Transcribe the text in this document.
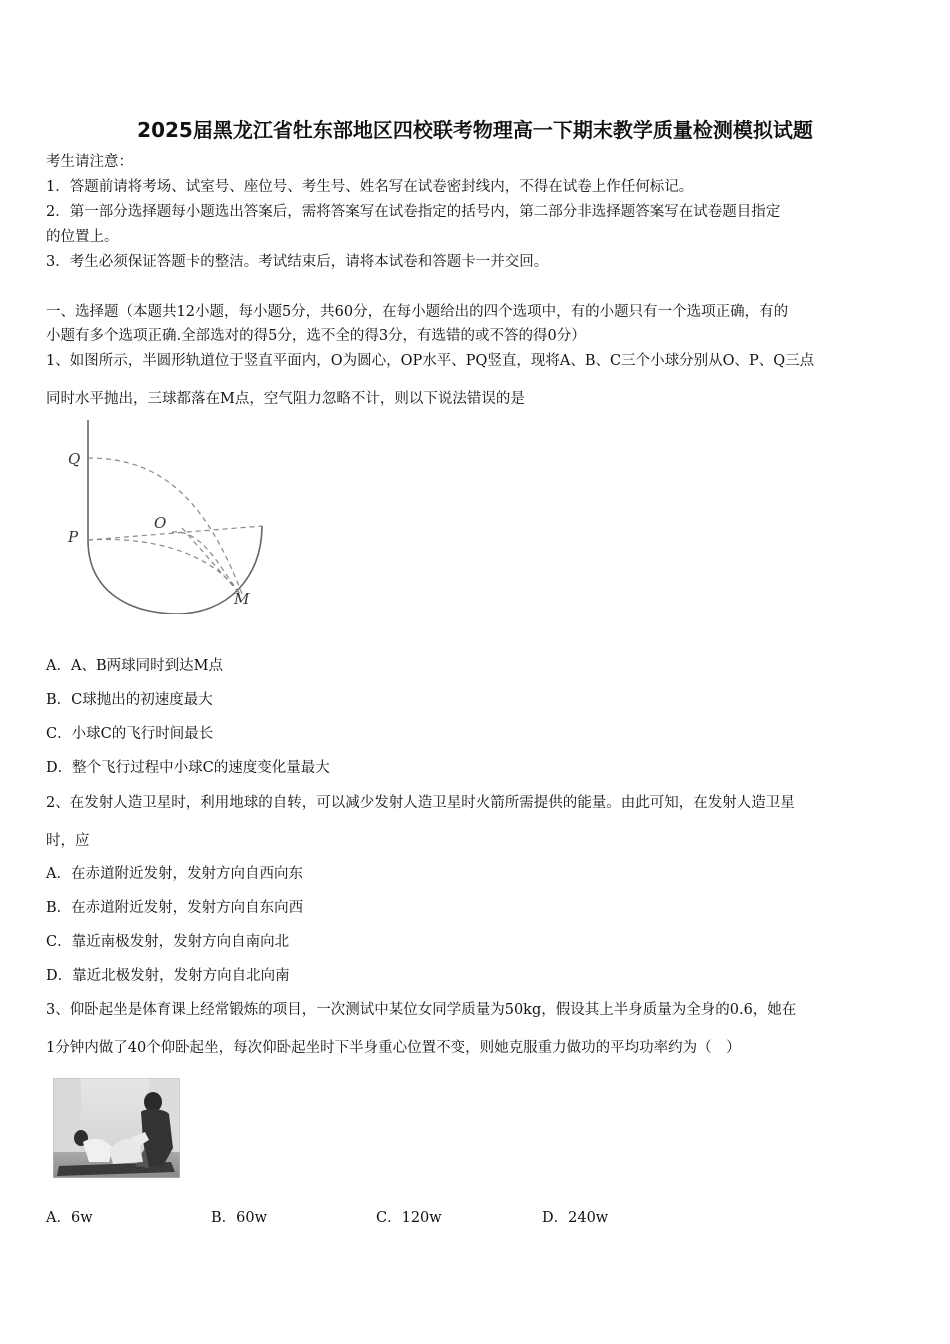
2025届黑龙江省牡东部地区四校联考物理高一下期末教学质量检测模拟试题
考生请注意：
1．答题前请将考场、试室号、座位号、考生号、姓名写在试卷密封线内，不得在试卷上作任何标记。
2．第一部分选择题每小题选出答案后，需将答案写在试卷指定的括号内，第二部分非选择题答案写在试卷题目指定
的位置上。
3．考生必须保证答题卡的整洁。考试结束后，请将本试卷和答题卡一并交回。
一、选择题（本题共12小题，每小题5分，共60分，在每小题给出的四个选项中，有的小题只有一个选项正确，有的
小题有多个选项正确.全部选对的得5分，选不全的得3分，有选错的或不答的得0分）
1、如图所示，半圆形轨道位于竖直平面内，O为圆心，OP水平、PQ竖直，现将A、B、C三个小球分别从O、P、Q三点
同时水平抛出，三球都落在M点，空气阻力忽略不计，则以下说法错误的是
Q
P
O
M
A．A、B两球同时到达M点
B．C球抛出的初速度最大
C．小球C的飞行时间最长
D．整个飞行过程中小球C的速度变化量最大
2、在发射人造卫星时，利用地球的自转，可以减少发射人造卫星时火箭所需提供的能量。由此可知，在发射人造卫星
时，应
A．在赤道附近发射，发射方向自西向东
B．在赤道附近发射，发射方向自东向西
C．靠近南极发射，发射方向自南向北
D．靠近北极发射，发射方向自北向南
3、仰卧起坐是体育课上经常锻炼的项目，一次测试中某位女同学质量为50kg，假设其上半身质量为全身的0.6，她在
1分钟内做了40个仰卧起坐，每次仰卧起坐时下半身重心位置不变，则她克服重力做功的平均功率约为（　）
A．6w	B．60w	C．120w	D．240w
